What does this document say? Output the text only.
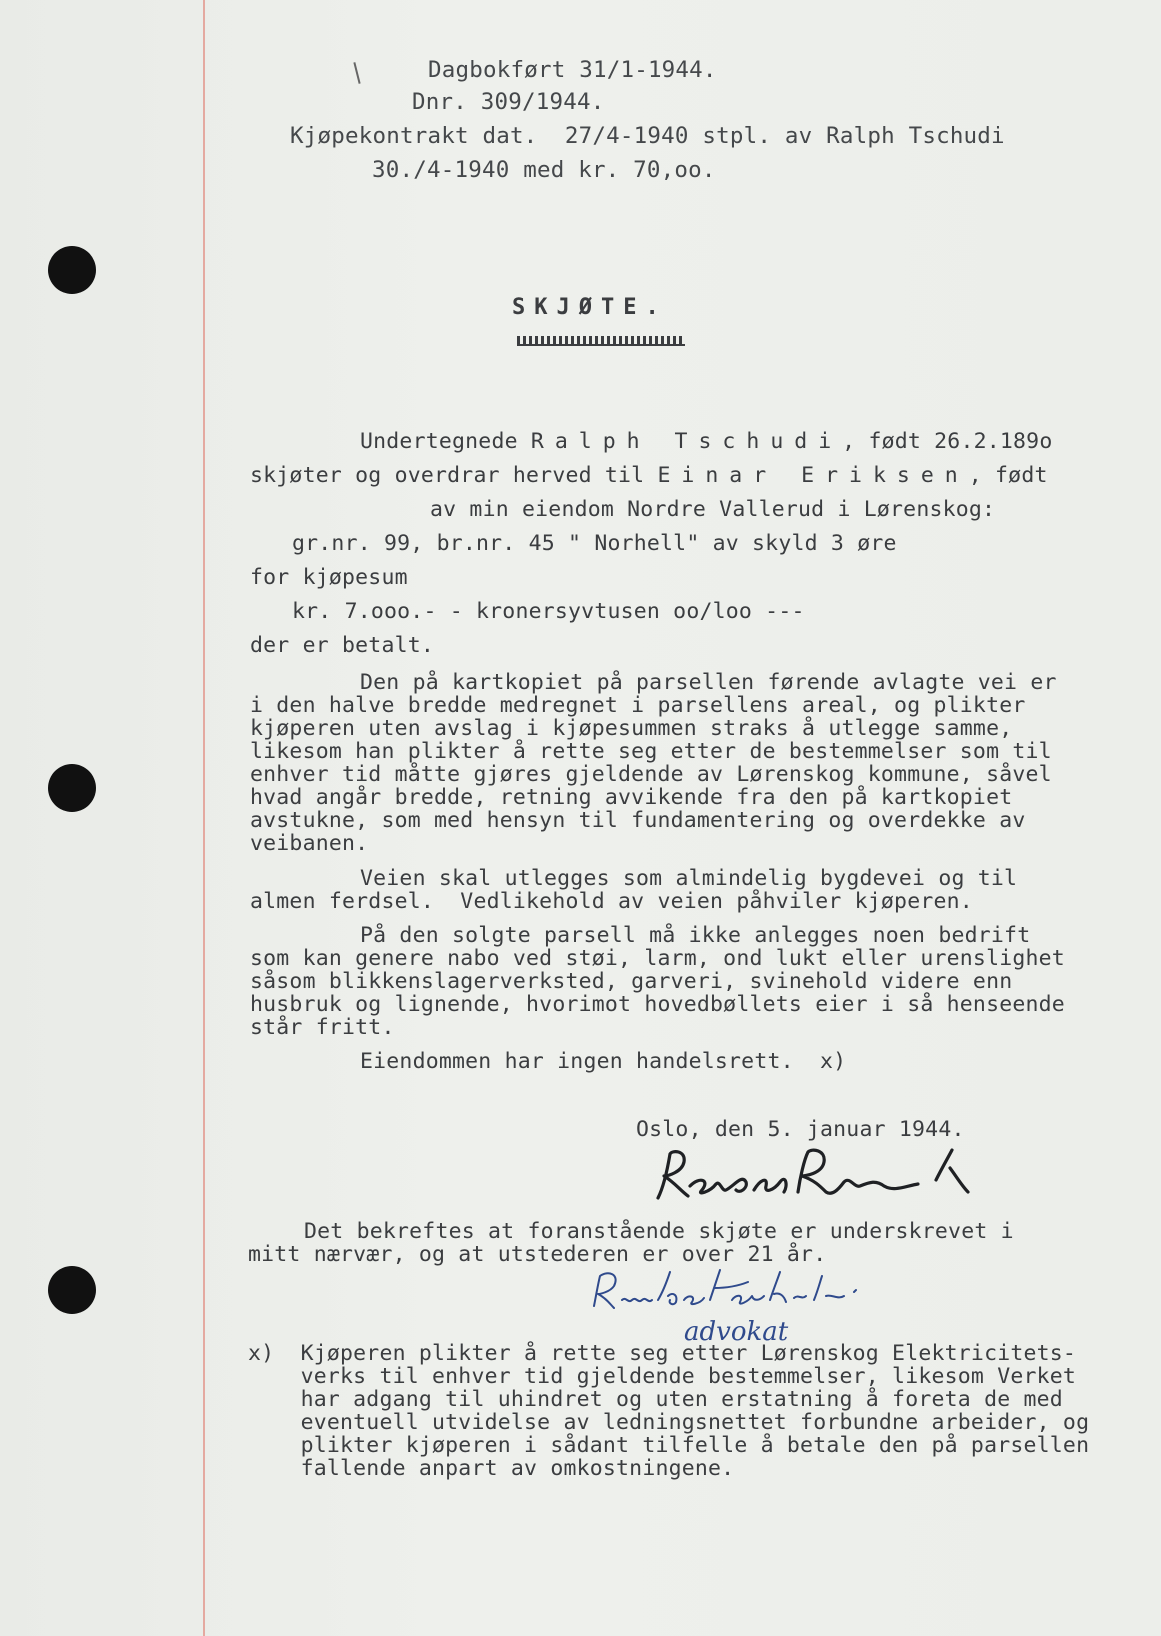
Dagbokført 31/1-1944.
Dnr. 309/1944.
Kjøpekontrakt dat.  27/4-1940 stpl. av Ralph Tschudi
30./4-1940 med kr. 70,oo.
SKJØTE.
Undertegnede Ralph Tschudi, født 26.2.189o
skjøter og overdrar herved til Einar Eriksen, født
av min eiendom Nordre Vallerud i Lørenskog:
gr.nr. 99, br.nr. 45 " Norhell" av skyld 3 øre
for kjøpesum
kr. 7.ooo.- - kronersyvtusen oo/loo ---
der er betalt.
Den på kartkopiet på parsellen førende avlagte vei er
i den halve bredde medregnet i parsellens areal, og plikter
kjøperen uten avslag i kjøpesummen straks å utlegge samme,
likesom han plikter å rette seg etter de bestemmelser som til
enhver tid måtte gjøres gjeldende av Lørenskog kommune, såvel
hvad angår bredde, retning avvikende fra den på kartkopiet
avstukne, som med hensyn til fundamentering og overdekke av
veibanen.
Veien skal utlegges som almindelig bygdevei og til
almen ferdsel.  Vedlikehold av veien påhviler kjøperen.
På den solgte parsell må ikke anlegges noen bedrift
som kan genere nabo ved støi, larm, ond lukt eller urenslighet
såsom blikkenslagerverksted, garveri, svinehold videre enn
husbruk og lignende, hvorimot hovedbøllets eier i så henseende
står fritt.
Eiendommen har ingen handelsrett.  x)
Oslo, den 5. januar 1944.
Det bekreftes at foranstående skjøte er underskrevet i
mitt nærvær, og at utstederen er over 21 år.
advokat
x)  Kjøperen plikter å rette seg etter Lørenskog Elektricitets-
verks til enhver tid gjeldende bestemmelser, likesom Verket
har adgang til uhindret og uten erstatning å foreta de med
eventuell utvidelse av ledningsnettet forbundne arbeider, og
plikter kjøperen i sådant tilfelle å betale den på parsellen
fallende anpart av omkostningene.
